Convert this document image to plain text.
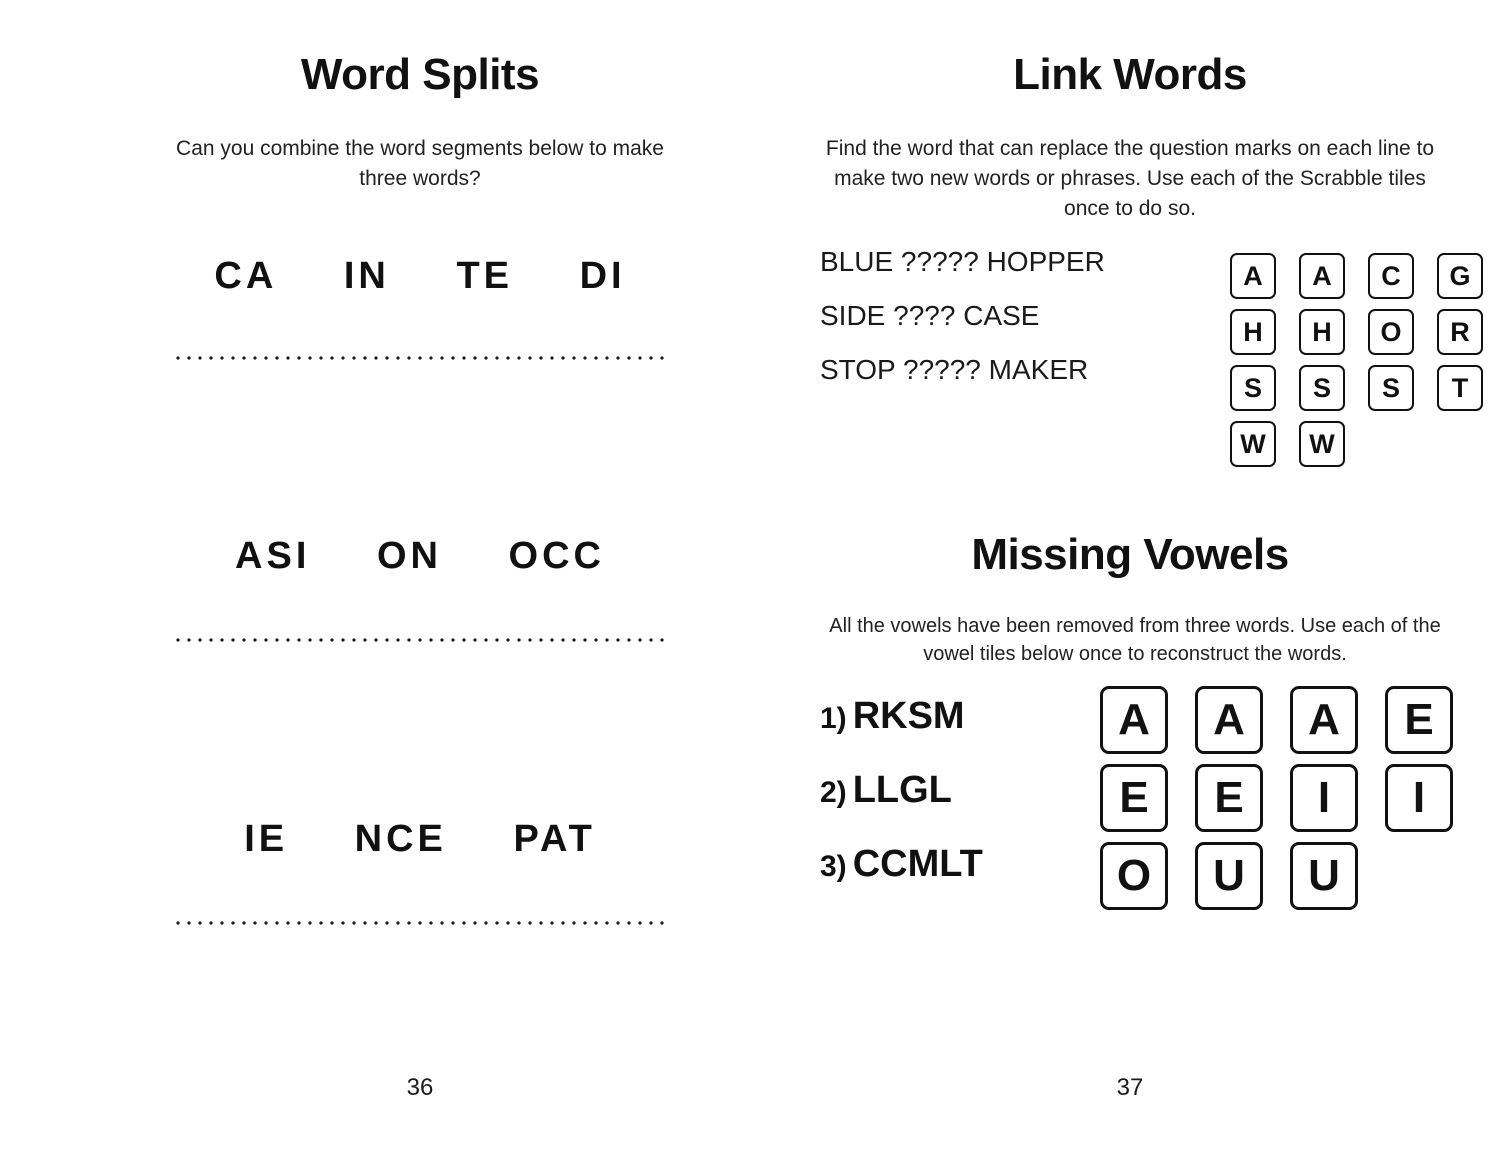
Word Splits

Can you combine the word segments below to make three words?

CA IN TE DI
ASI ON OCC
IE NCE PAT
36
Link Words

Find the word that can replace the question marks on each line to make two new words or phrases. Use each of the Scrabble tiles once to do so.

BLUE ????? HOPPER
SIDE ???? CASE
STOP ????? MAKER
A	A	C	G
H	H	O	R
S	S	S	T
W	W
Missing Vowels

All the vowels have been removed from three words. Use each of the vowel tiles below once to reconstruct the words.

1) RKSM
2) LLGL
3) CCMLT
A	A	A	E
E	E	I	I
O	U	U
37
